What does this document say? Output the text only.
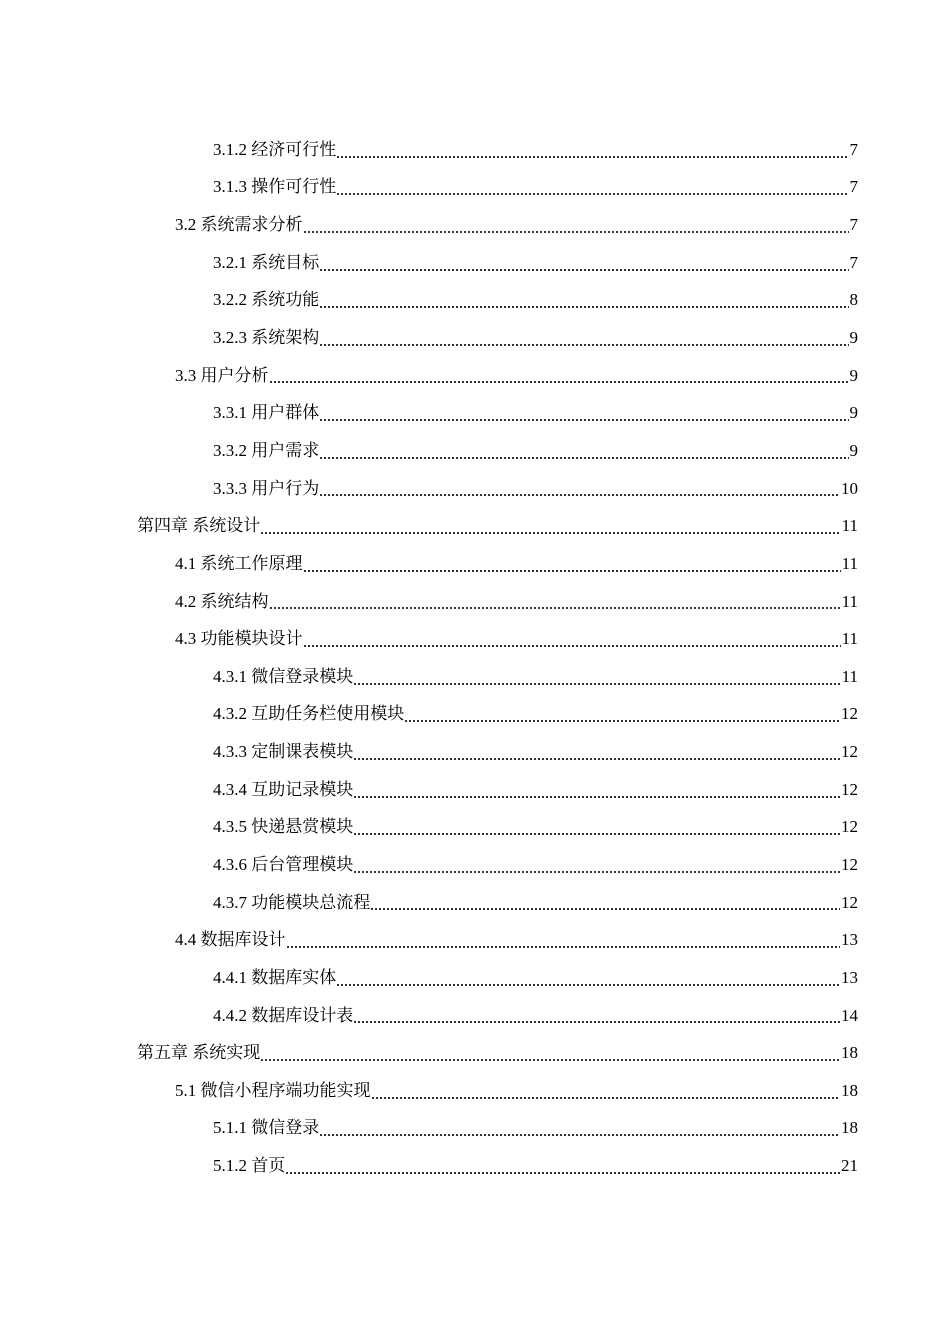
3.1.2 经济可行性	7
3.1.3 操作可行性	7
3.2 系统需求分析	7
3.2.1 系统目标	7
3.2.2 系统功能	8
3.2.3 系统架构	9
3.3 用户分析	9
3.3.1 用户群体	9
3.3.2 用户需求	9
3.3.3 用户行为	10
第四章 系统设计	11
4.1 系统工作原理	11
4.2 系统结构	11
4.3 功能模块设计	11
4.3.1 微信登录模块	11
4.3.2 互助任务栏使用模块	12
4.3.3 定制课表模块	12
4.3.4 互助记录模块	12
4.3.5 快递悬赏模块	12
4.3.6 后台管理模块	12
4.3.7 功能模块总流程	12
4.4 数据库设计	13
4.4.1 数据库实体	13
4.4.2 数据库设计表	14
第五章 系统实现	18
5.1 微信小程序端功能实现	18
5.1.1 微信登录	18
5.1.2 首页	21
